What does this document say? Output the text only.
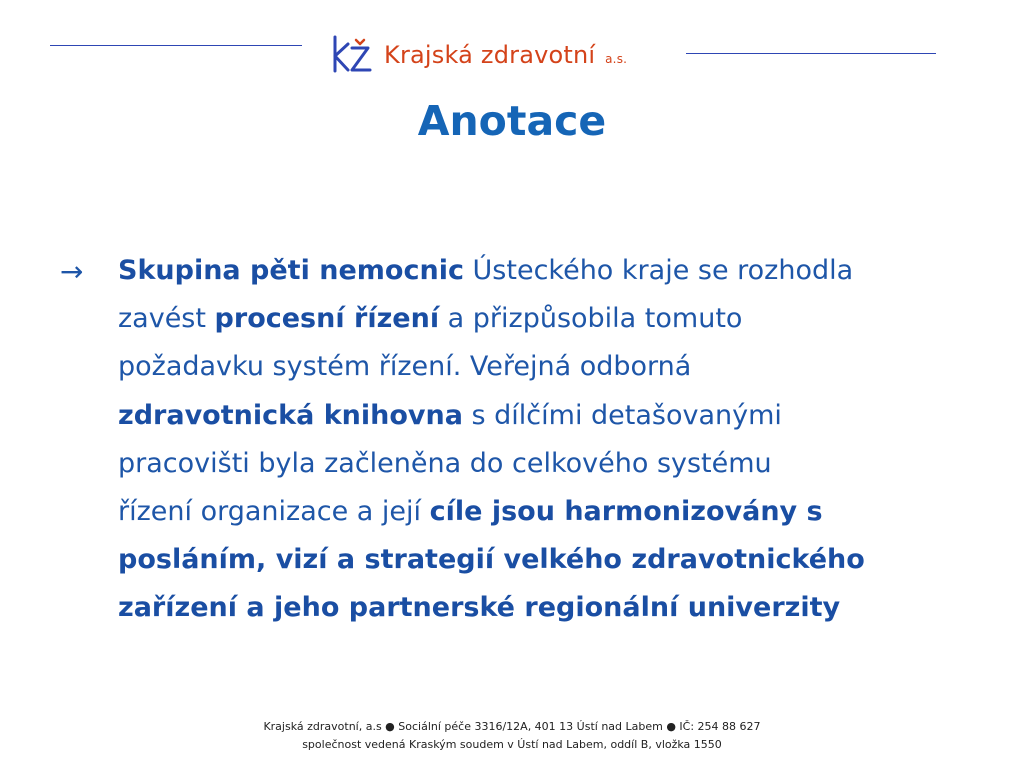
Krajská zdravotní a.s.
Anotace
→ Skupina pěti nemocnic Ústeckého kraje se rozhodla
zavést procesní řízení a přizpůsobila tomuto
požadavku systém řízení. Veřejná odborná
zdravotnická knihovna s dílčími detašovanými
pracovišti byla začleněna do celkového systému
řízení organizace a její cíle jsou harmonizovány s
posláním, vizí a strategií velkého zdravotnického
zařízení a jeho partnerské regionální univerzity
Krajská zdravotní, a.s ● Sociální péče 3316/12A, 401 13 Ústí nad Labem ● IČ: 254 88 627
společnost vedená Kraským soudem v Ústí nad Labem, oddíl B, vložka 1550
